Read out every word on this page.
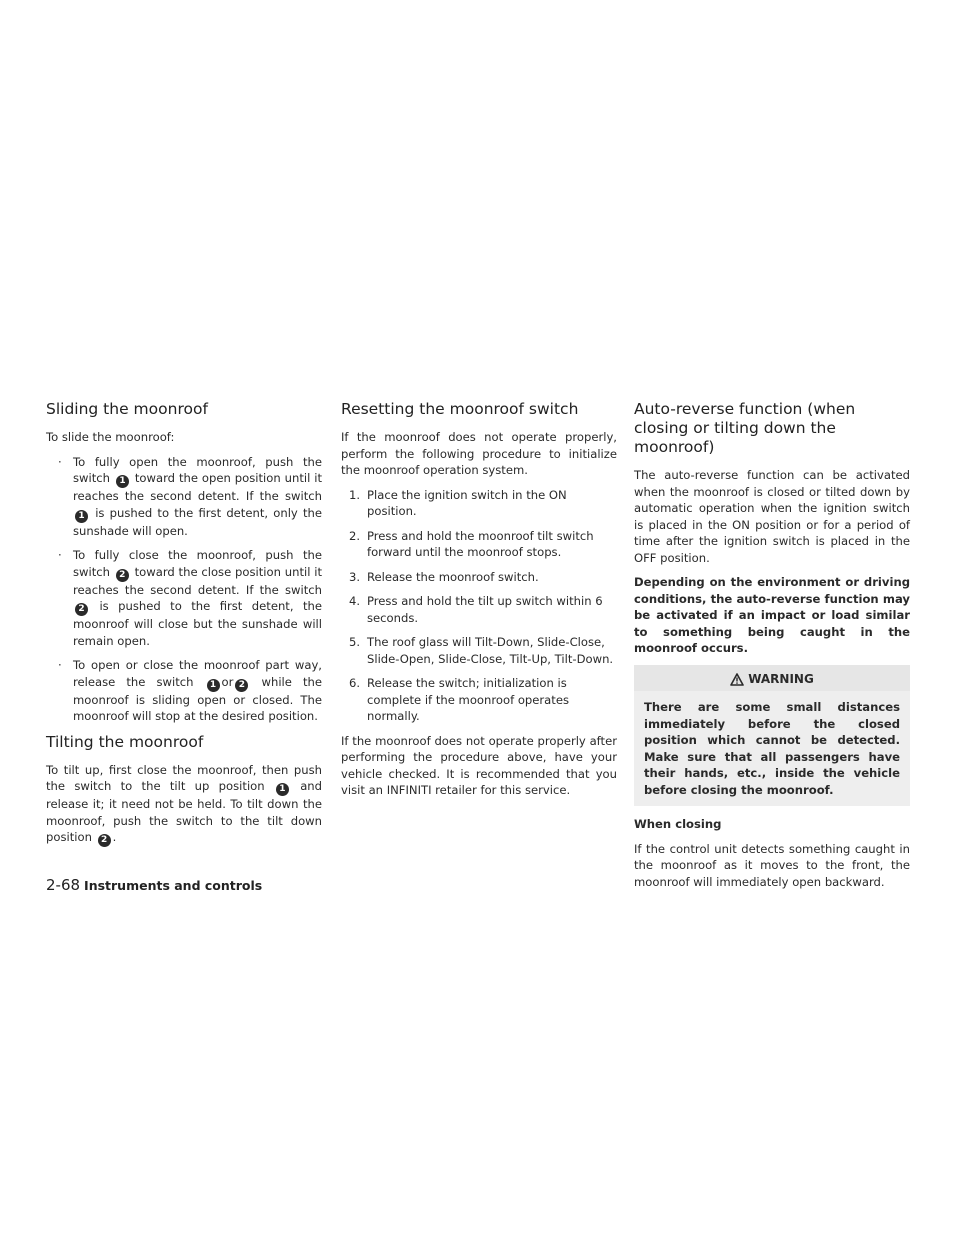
Sliding the moonroof

To slide the moonroof:

· To fully open the moonroof, push the switch 1 toward the open position until it reaches the second detent. If the switch 1 is pushed to the first detent, only the sunshade will open.
· To fully close the moonroof, push the switch 2 toward the close position until it reaches the second detent. If the switch 2 is pushed to the first detent, the moonroof will close but the sunshade will remain open.
· To open or close the moonroof part way, release the switch 1 or 2 while the moonroof is sliding open or closed. The moonroof will stop at the desired position.
Tilting the moonroof

To tilt up, first close the moonroof, then push the switch to the tilt up position 1 and release it; it need not be held. To tilt down the moonroof, push the switch to the tilt down position 2 .

Resetting the moonroof switch

If the moonroof does not operate properly, perform the following procedure to initialize the moonroof operation system.

1. Place the ignition switch in the ON position.
2. Press and hold the moonroof tilt switch forward until the moonroof stops.
3. Release the moonroof switch.
4. Press and hold the tilt up switch within 6 seconds.
5. The roof glass will Tilt-Down, Slide-Close, Slide-Open, Slide-Close, Tilt-Up, Tilt-Down.
6. Release the switch; initialization is complete if the moonroof operates normally.

If the moonroof does not operate properly after performing the procedure above, have your vehicle checked. It is recommended that you visit an INFINITI retailer for this service.

Auto-reverse function (when closing or tilting down the moonroof)

The auto-reverse function can be activated when the moonroof is closed or tilted down by automatic operation when the ignition switch is placed in the ON position or for a period of time after the ignition switch is placed in the OFF position.

Depending on the environment or driving conditions, the auto-reverse function may be activated if an impact or load similar to something being caught in the moonroof occurs.

WARNING
There are some small distances immediately before the closed position which cannot be detected. Make sure that all passengers have their hands, etc., inside the vehicle before closing the moonroof.

When closing

If the control unit detects something caught in the moonroof as it moves to the front, the moonroof will immediately open backward.

2-68 Instruments and controls
